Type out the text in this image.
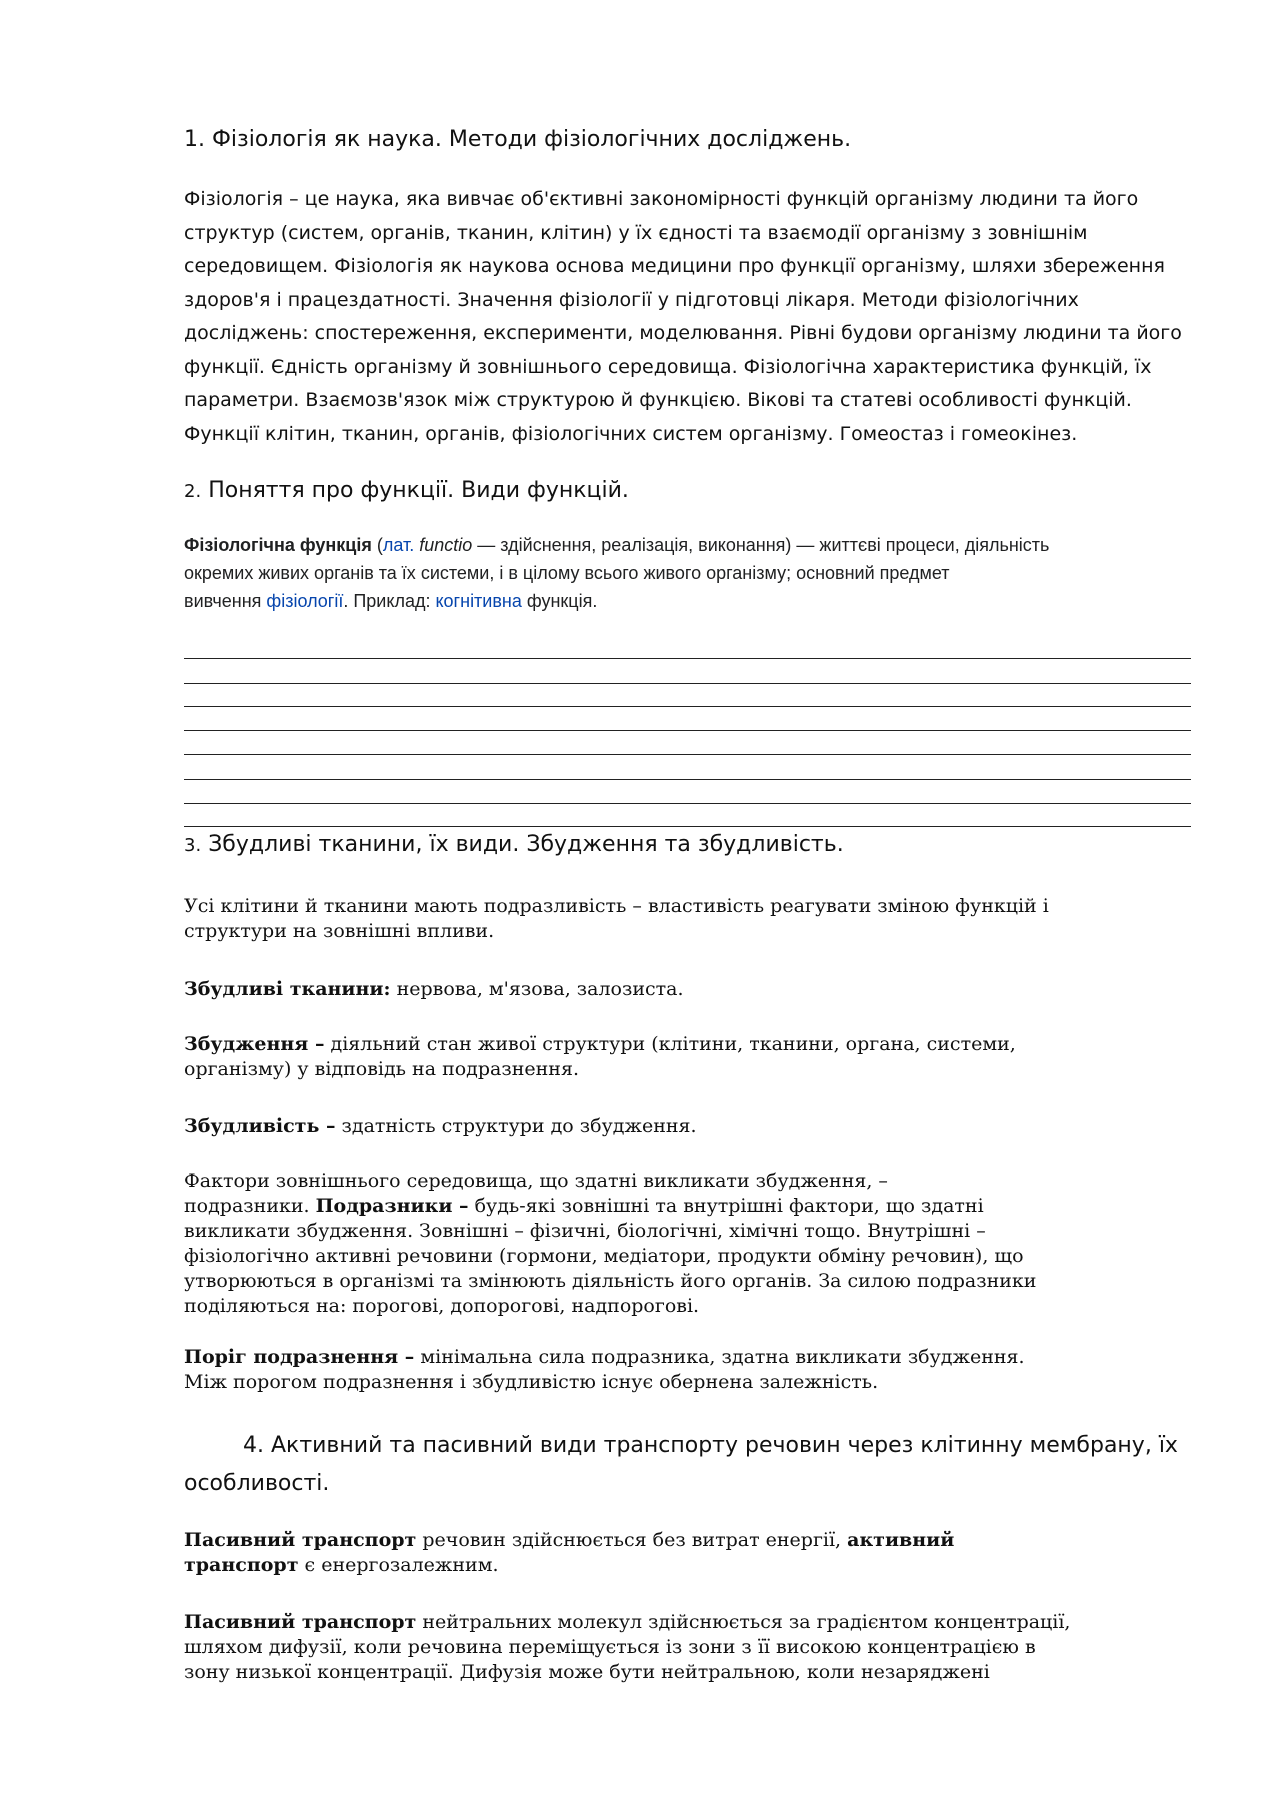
1. Фізіологія як наука. Методи фізіологічних досліджень.

Фізіологія – це наука, яка вивчає об'єктивні закономірності функцій організму людини та його
структур (систем, органів, тканин, клітин) у їх єдності та взаємодії організму з зовнішнім
середовищем. Фізіологія як наукова основа медицини про функції організму, шляхи збереження
здоров'я і працездатності. Значення фізіології у підготовці лікаря. Методи фізіологічних
досліджень: спостереження, експерименти, моделювання. Рівні будови організму людини та його
функції. Єдність організму й зовнішнього середовища. Фізіологічна характеристика функцій, їх
параметри. Взаємозв'язок між структурою й функцією. Вікові та статеві особливості функцій.
Функції клітин, тканин, органів, фізіологічних систем організму. Гомеостаз і гомеокінез.

2. Поняття про функції. Види функцій.

Фізіологічна функція (лат. functio — здійснення, реалізація, виконання) — життєві процеси, діяльність
окремих живих органів та їх системи, і в цілому всього живого організму; основний предмет
вивчення фізіології. Приклад: когнітивна функція.

3. Збудливі тканини, їх види. Збудження та збудливість.

Усі клітини й тканини мають подразливість – властивість реагувати зміною функцій і
структури на зовнішні впливи.
Збудливі тканини: нервова, м'язова, залозиста.
Збудження – діяльний стан живої структури (клітини, тканини, органа, системи,
організму) у відповідь на подразнення.
Збудливість – здатність структури до збудження.
Фактори зовнішнього середовища, що здатні викликати збудження, –
подразники. Подразники – будь-які зовнішні та внутрішні фактори, що здатні
викликати збудження. Зовнішні – фізичні, біологічні, хімічні тощо. Внутрішні –
фізіологічно активні речовини (гормони, медіатори, продукти обміну речовин), що
утворюються в організмі та змінюють діяльність його органів. За силою подразники
поділяються на: порогові, допорогові, надпорогові.
Поріг подразнення – мінімальна сила подразника, здатна викликати збудження.
Між порогом подразнення і збудливістю існує обернена залежність.
4. Активний та пасивний види транспорту речовин через клітинну мембрану, їх
особливості.
Пасивний транспорт речовин здійснюється без витрат енергії, активний
транспорт є енергозалежним.
Пасивний транспорт нейтральних молекул здійснюється за градієнтом концентрації,
шляхом дифузії, коли речовина переміщується із зони з її високою концентрацією в
зону низької концентрації. Дифузія може бути нейтральною, коли незаряджені
